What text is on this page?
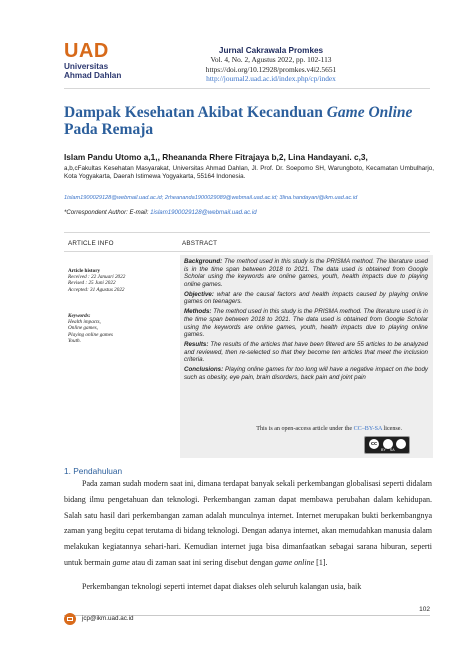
UAD
Universitas
Ahmad Dahlan
Jurnal Cakrawala Promkes
Vol. 4, No. 2, Agustus 2022, pp. 102-113
https://doi.org/10.12928/promkes.v4i2.5651
http://journal2.uad.ac.id/index.php/cp/index
Dampak Kesehatan Akibat Kecanduan Game Online
Pada Remaja
Islam Pandu Utomo a,1,, Rheananda Rhere Fitrajaya b,2, Lina Handayani. c,3,
a,b,cFakultas Kesehatan Masyarakat, Universitas Ahmad Dahlan, Jl. Prof. Dr. Soepomo SH, Warungboto, Kecamatan Umbulharjo, Kota Yogyakarta, Daerah Istimewa Yogyakarta, 55164 Indonesia.
1islam1900029128@webmail.uad.ac.id; 2rheananda1900029089@webmail.uad.ac.id; 3lina.handayani@ikm.uad.ac.id
*Correspondent Author: E-mail: 1islam1900029128@webmail.uad.ac.id
ARTICLE INFO	ABSTRACT
Article history
Received : 22 Januari 2022
Revised : 25 Juni 2022
Accepted: 31 Agustus 2022
Keywords:
Health impacts,
Online games,
Playing online games
Youth.

Background: The method used in this study is the PRISMA method. The literature used is in the time span between 2018 to 2021. The data used is obtained from Google Scholar using the keywords are online games, youth, health impacts due to playing online games.

Objective: what are the causal factors and health impacts caused by playing online games on teenagers.

Methods: The method used in this study is the PRISMA method. The literature used is in the time span between 2018 to 2021. The data used is obtained from Google Scholar using the keywords are online games, youth, health impacts due to playing online games.

Results: The results of the articles that have been filtered are 55 articles to be analyzed and reviewed, then re-selected so that they become ten articles that meet the inclusion criteria.

Conclusions: Playing online games for too long will have a negative impact on the body such as obesity, eye pain, brain disorders, back pain and joint pain

This is an open-access article under the CC–BY-SA license.
cc
BY SA
1. Pendahuluan

Pada zaman sudah modern saat ini, dimana terdapat banyak sekali perkembangan globalisasi seperti didalam bidang ilmu pengetahuan dan teknologi. Perkembangan zaman dapat membawa perubahan dalam kehidupan. Salah satu hasil dari perkembangan zaman adalah munculnya internet. Internet merupakan bukti berkembangnya zaman yang begitu cepat terutama di bidang teknologi. Dengan adanya internet, akan memudahkan manusia dalam melakukan kegiatannya sehari-hari. Kemudian internet juga bisa dimanfaatkan sebagai sarana hiburan, seperti untuk bermain game atau di zaman saat ini sering disebut dengan game online [1].

Perkembangan teknologi seperti internet dapat diakses oleh seluruh kalangan usia, baik

102
jcp@ikm.uad.ac.id
